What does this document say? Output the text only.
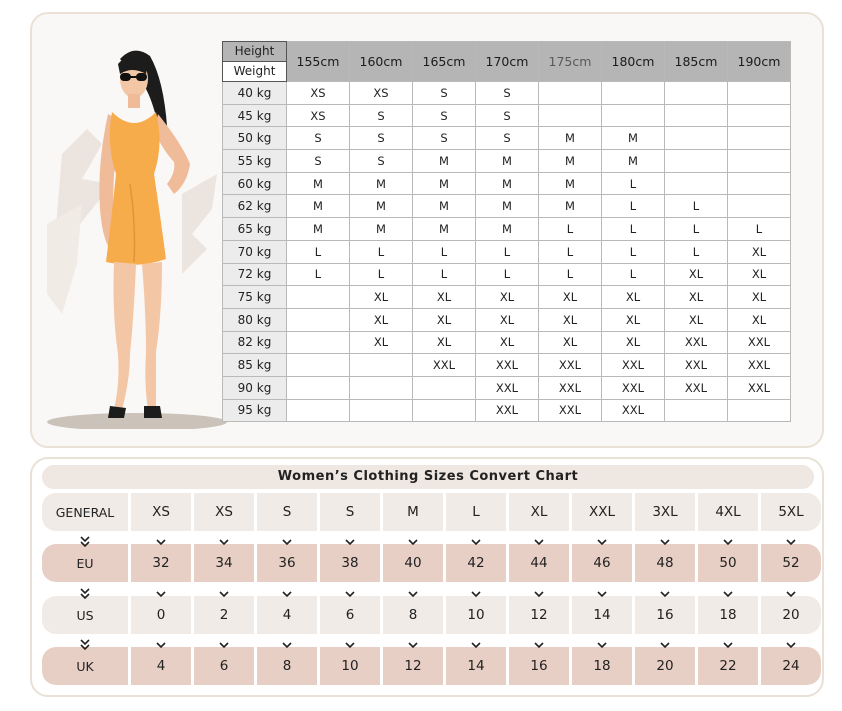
Height
Weight	155cm	160cm	165cm	170cm	175cm	180cm	185cm	190cm
40 kg	XS	XS	S	S				
45 kg	XS	S	S	S				
50 kg	S	S	S	S	M	M		
55 kg	S	S	M	M	M	M		
60 kg	M	M	M	M	M	L		
62 kg	M	M	M	M	M	L	L	
65 kg	M	M	M	M	L	L	L	L
70 kg	L	L	L	L	L	L	L	XL
72 kg	L	L	L	L	L	L	XL	XL
75 kg		XL	XL	XL	XL	XL	XL	XL
80 kg		XL	XL	XL	XL	XL	XL	XL
82 kg		XL	XL	XL	XL	XL	XXL	XXL
85 kg			XXL	XXL	XXL	XXL	XXL	XXL
90 kg				XXL	XXL	XXL	XXL	XXL
95 kg				XXL	XXL	XXL		
Women’s Clothing Sizes Convert Chart
GENERAL	XS	XS	S	S	M	L	XL	XXL	3XL	4XL	5XL
EU	32	34	36	38	40	42	44	46	48	50	52
US	0	2	4	6	8	10	12	14	16	18	20
UK	4	6	8	10	12	14	16	18	20	22	24
